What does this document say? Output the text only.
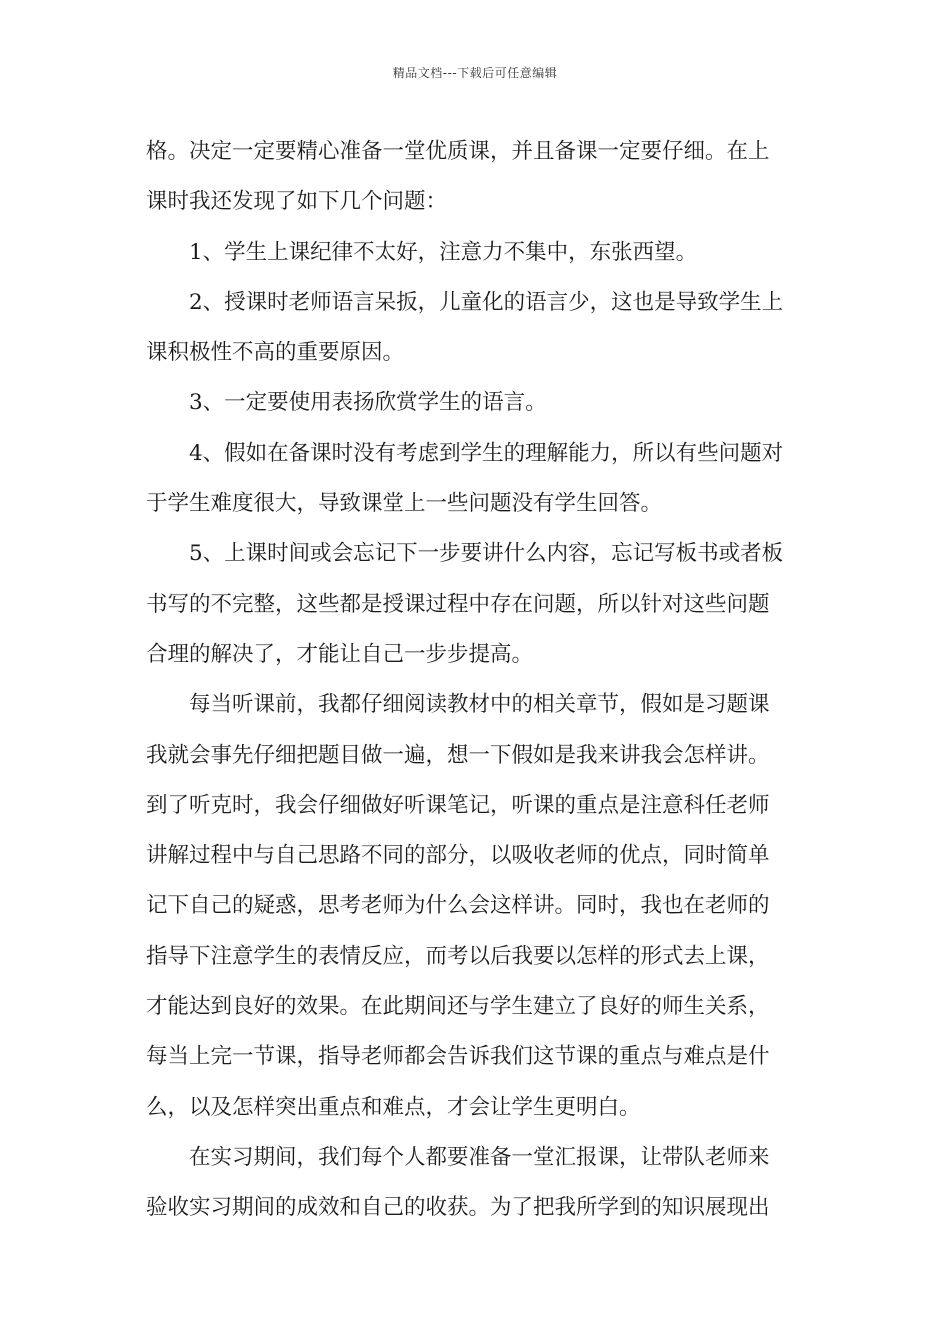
精品文档---下载后可任意编辑
格。决定一定要精心准备一堂优质课，并且备课一定要仔细。在上
课时我还发现了如下几个问题：
1、学生上课纪律不太好，注意力不集中，东张西望。
2、授课时老师语言呆扳，儿童化的语言少，这也是导致学生上
课积极性不高的重要原因。
3、一定要使用表扬欣赏学生的语言。
4、假如在备课时没有考虑到学生的理解能力，所以有些问题对
于学生难度很大，导致课堂上一些问题没有学生回答。
5、上课时间或会忘记下一步要讲什么内容，忘记写板书或者板
书写的不完整，这些都是授课过程中存在问题，所以针对这些问题
合理的解决了，才能让自己一步步提高。
每当听课前，我都仔细阅读教材中的相关章节，假如是习题课
我就会事先仔细把题目做一遍，想一下假如是我来讲我会怎样讲。
到了听克时，我会仔细做好听课笔记，听课的重点是注意科任老师
讲解过程中与自己思路不同的部分，以吸收老师的优点，同时简单
记下自己的疑惑，思考老师为什么会这样讲。同时，我也在老师的
指导下注意学生的表情反应，而考以后我要以怎样的形式去上课，
才能达到良好的效果。在此期间还与学生建立了良好的师生关系，
每当上完一节课，指导老师都会告诉我们这节课的重点与难点是什
么，以及怎样突出重点和难点，才会让学生更明白。
在实习期间，我们每个人都要准备一堂汇报课，让带队老师来
验收实习期间的成效和自己的收获。为了把我所学到的知识展现出
